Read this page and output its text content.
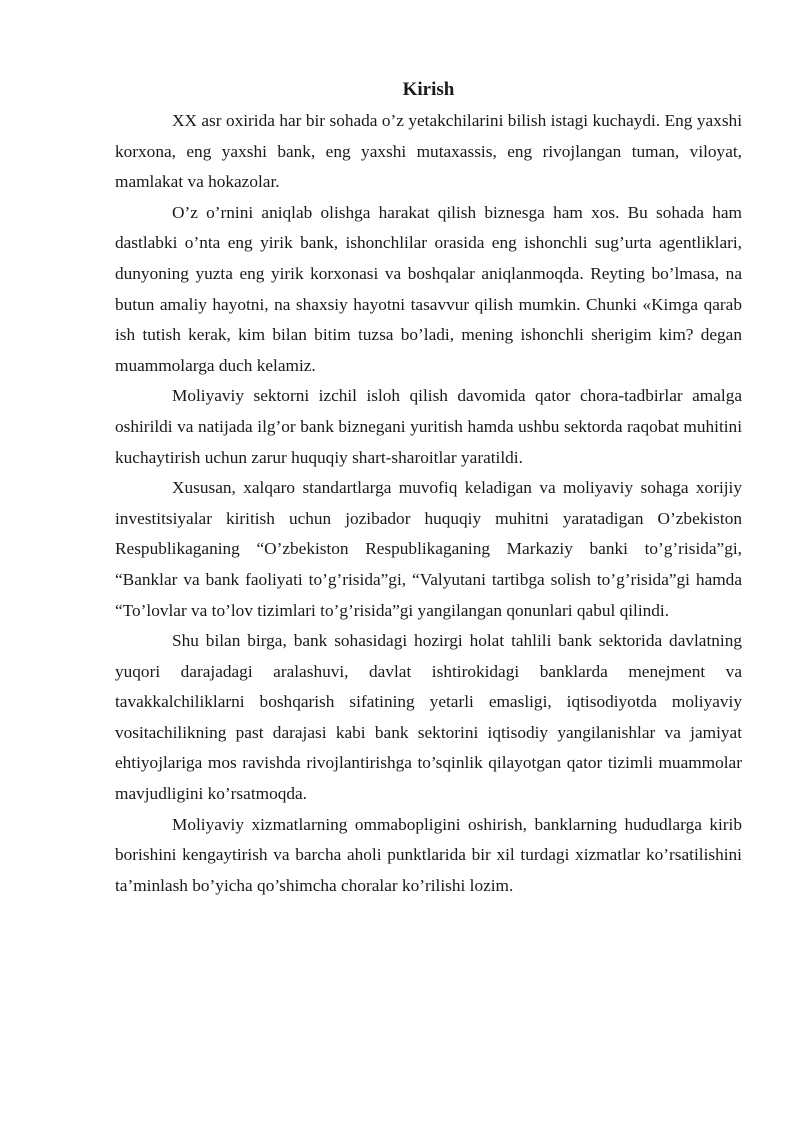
Kirish

XX asr oxirida har bir sohada o’z yetakchilarini bilish istagi kuchaydi. Eng yaxshi korxona, eng yaxshi bank, eng yaxshi mutaxassis, eng rivojlangan tuman, viloyat, mamlakat va hokazolar.

O’z o’rnini aniqlab olishga harakat qilish biznesga ham xos. Bu sohada ham dastlabki o’nta eng yirik bank, ishonchlilar orasida eng ishonchli sug’urta agentliklari, dunyoning yuzta eng yirik korxonasi va boshqalar aniqlanmoqda. Reyting bo’lmasa, na butun amaliy hayotni, na shaxsiy hayotni tasavvur qilish mumkin. Chunki «Kimga qarab ish tutish kerak, kim bilan bitim tuzsa bo’ladi, mening ishonchli sherigim kim? degan muammolarga duch kelamiz.

Moliyaviy sektorni izchil isloh qilish davomida qator chora-tadbirlar amalga oshirildi va natijada ilg’or bank biznegani yuritish hamda ushbu sektorda raqobat muhitini kuchaytirish uchun zarur huquqiy shart-sharoitlar yaratildi.

Xususan, xalqaro standartlarga muvofiq keladigan va moliyaviy sohaga xorijiy investitsiyalar kiritish uchun jozibador huquqiy muhitni yaratadigan O’zbekiston Respublikaganing “O’zbekiston Respublikaganing Markaziy banki to’g’risida”gi, “Banklar va bank faoliyati to’g’risida”gi, “Valyutani tartibga solish to’g’risida”gi hamda “To’lovlar va to’lov tizimlari to’g’risida”gi yangilangan qonunlari qabul qilindi.

Shu bilan birga, bank sohasidagi hozirgi holat tahlili bank sektorida davlatning yuqori darajadagi aralashuvi, davlat ishtirokidagi banklarda menejment va tavakkalchiliklarni boshqarish sifatining yetarli emasligi, iqtisodiyotda moliyaviy vositachilikning past darajasi kabi bank sektorini iqtisodiy yangilanishlar va jamiyat ehtiyojlariga mos ravishda rivojlantirishga to’sqinlik qilayotgan qator tizimli muammolar mavjudligini ko’rsatmoqda.

Moliyaviy xizmatlarning ommabopligini oshirish, banklarning hududlarga kirib borishini kengaytirish va barcha aholi punktlarida bir xil turdagi xizmatlar ko’rsatilishini ta’minlash bo’yicha qo’shimcha choralar ko’rilishi lozim.
